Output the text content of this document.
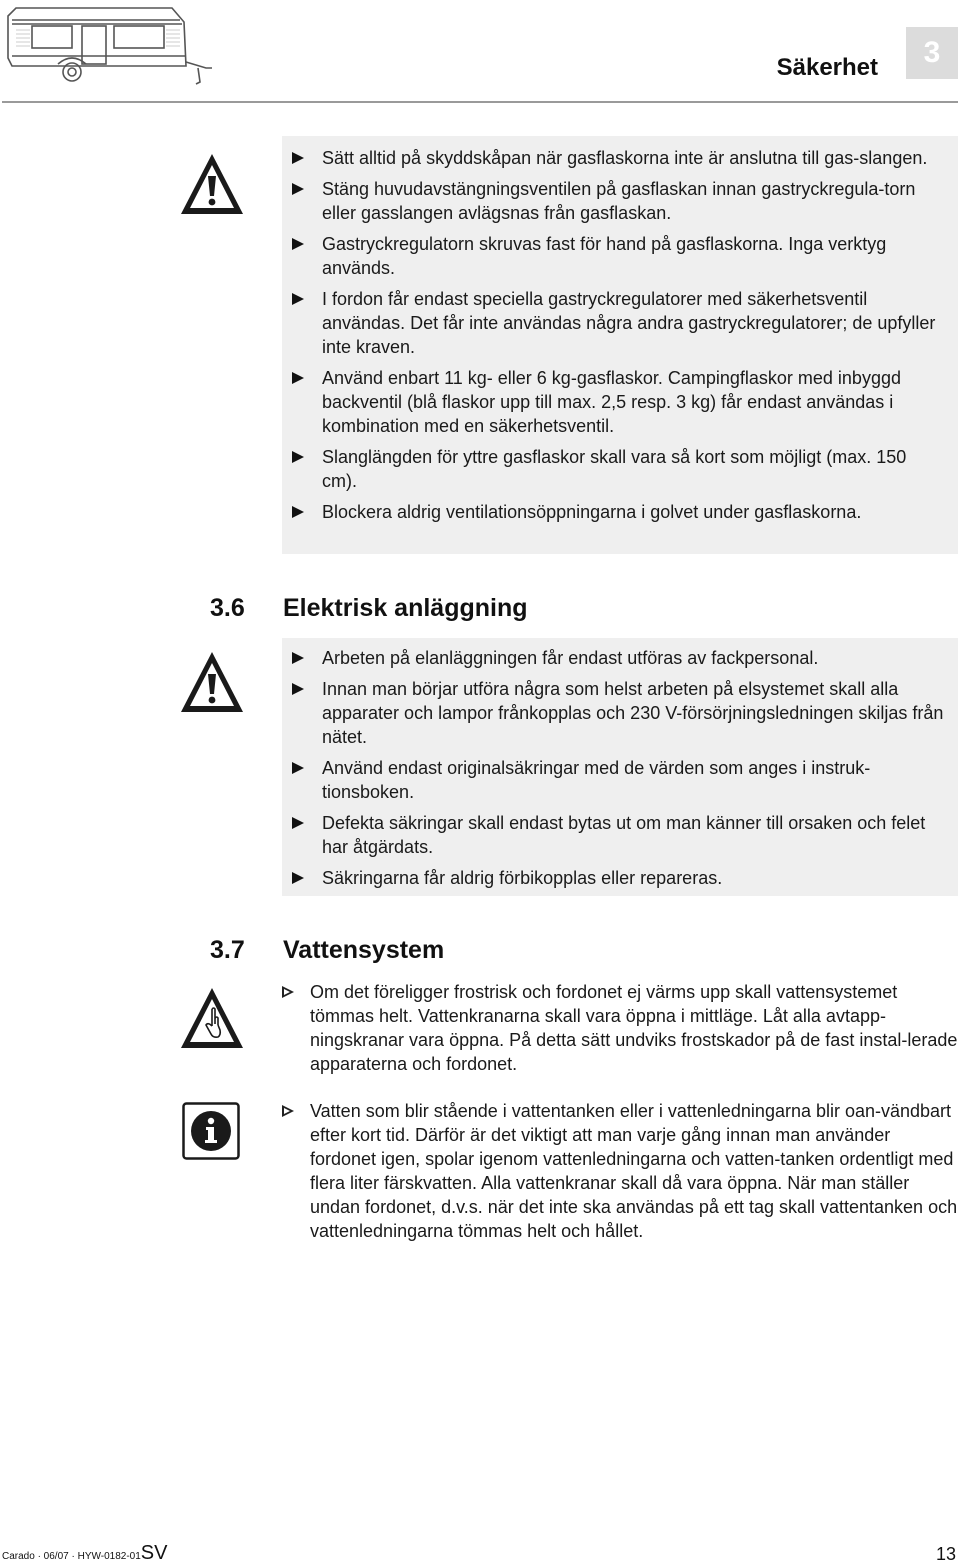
Säkerhet	3
Sätt alltid på skyddskåpan när gasflaskorna inte är anslutna till gas-slangen.
Stäng huvudavstängningsventilen på gasflaskan innan gastryckregula-torn eller gasslangen avlägsnas från gasflaskan.
Gastryckregulatorn skruvas fast för hand på gasflaskorna. Inga verktyg används.
I fordon får endast speciella gastryckregulatorer med säkerhetsventil användas. Det får inte användas några andra gastryckregulatorer; de upfyller inte kraven.
Använd enbart 11 kg- eller 6 kg-gasflaskor. Campingflaskor med inbyggd backventil (blå flaskor upp till max. 2,5 resp. 3 kg) får endast användas i kombination med en säkerhetsventil.
Slanglängden för yttre gasflaskor skall vara så kort som möjligt (max. 150 cm).
Blockera aldrig ventilationsöppningarna i golvet under gasflaskorna.
3.6 Elektrisk anläggning
Arbeten på elanläggningen får endast utföras av fackpersonal.
Innan man börjar utföra några som helst arbeten på elsystemet skall alla apparater och lampor frånkopplas och 230 V-försörjningsledningen skiljas från nätet.
Använd endast originalsäkringar med de värden som anges i instruk-tionsboken.
Defekta säkringar skall endast bytas ut om man känner till orsaken och felet har åtgärdats.
Säkringarna får aldrig förbikopplas eller repareras.
3.7 Vattensystem
Om det föreligger frostrisk och fordonet ej värms upp skall vattensystemet tömmas helt. Vattenkranarna skall vara öppna i mittläge. Låt alla avtapp-ningskranar vara öppna. På detta sätt undviks frostskador på de fast instal-lerade apparaterna och fordonet.
Vatten som blir stående i vattentanken eller i vattenledningarna blir oan-vändbart efter kort tid. Därför är det viktigt att man varje gång innan man använder fordonet igen, spolar igenom vattenledningarna och vatten-tanken ordentligt med flera liter färskvatten. Alla vattenkranar skall då vara öppna. När man ställer undan fordonet, d.v.s. när det inte ska användas på ett tag skall vattentanken och vattenledningarna tömmas helt och hållet.
Carado · 06/07 · HYW-0182-01SV	13
